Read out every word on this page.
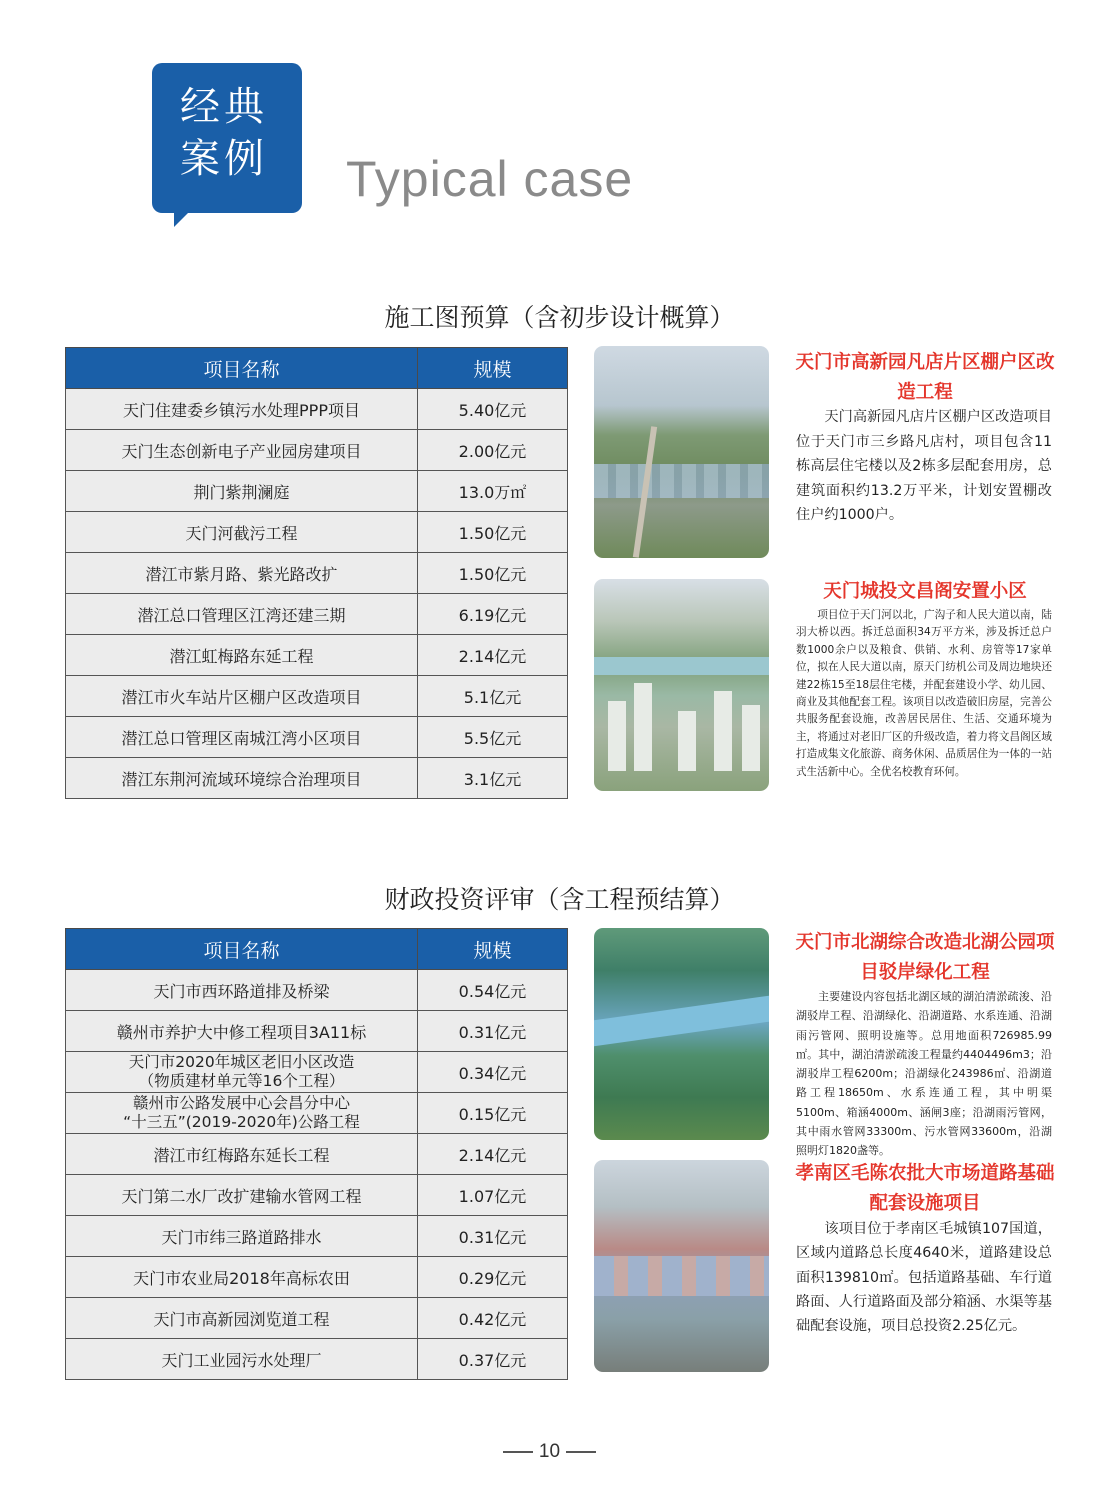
经典
案例 Typical case
施工图预算（含初步设计概算）
项目名称	规模
天门住建委乡镇污水处理PPP项目	5.40亿元
天门生态创新电子产业园房建项目	2.00亿元
荆门紫荆澜庭	13.0万㎡
天门河截污工程	1.50亿元
潜江市紫月路、紫光路改扩	1.50亿元
潜江总口管理区江湾还建三期	6.19亿元
潜江虹梅路东延工程	2.14亿元
潜江市火车站片区棚户区改造项目	5.1亿元
潜江总口管理区南城江湾小区项目	5.5亿元
潜江东荆河流域环境综合治理项目	3.1亿元
天门市高新园凡店片区棚户区改造工程
天门高新园凡店片区棚户区改造项目位于天门市三乡路凡店村，项目包含11栋高层住宅楼以及2栋多层配套用房，总建筑面积约13.2万平米，计划安置棚改住户约1000户。
天门城投文昌阁安置小区
项目位于天门河以北，广沟子和人民大道以南，陆羽大桥以西。拆迁总面积34万平方米，涉及拆迁总户数1000余户以及粮食、供销、水利、房管等17家单位，拟在人民大道以南，原天门纺机公司及周边地块还建22栋15至18层住宅楼，并配套建设小学、幼儿园、商业及其他配套工程。该项目以改造破旧房屋，完善公共服务配套设施，改善居民居住、生活、交通环境为主，将通过对老旧厂区的升级改造，着力将文昌阁区域打造成集文化旅游、商务休闲、品质居住为一体的一站式生活新中心。全优名校教育环何。
财政投资评审（含工程预结算）
项目名称	规模
天门市西环路道排及桥梁	0.54亿元
赣州市养护大中修工程项目3A11标	0.31亿元

天门市2020年城区老旧小区改造
（物质建材单元等16个工程）	0.34亿元

赣州市公路发展中心会昌分中心
“十三五”(2019-2020年)公路工程	0.15亿元
潜江市红梅路东延长工程	2.14亿元
天门第二水厂改扩建输水管网工程	1.07亿元
天门市纬三路道路排水	0.31亿元
天门市农业局2018年高标农田	0.29亿元
天门市高新园浏览道工程	0.42亿元
天门工业园污水处理厂	0.37亿元
天门市北湖综合改造北湖公园项目驳岸绿化工程
主要建设内容包括北湖区域的湖泊清淤疏浚、沿湖驳岸工程、沿湖绿化、沿湖道路、水系连通、沿湖雨污管网、照明设施等。总用地面积726985.99㎡。其中，湖泊清淤疏浚工程量约4404496m3；沿湖驳岸工程6200m；沿湖绿化243986㎡、沿湖道路工程18650m、水系连通工程，其中明渠5100m、箱涵4000m、涵闸3座；沿湖雨污管网，其中雨水管网33300m、污水管网33600m，沿湖照明灯1820盏等。
孝南区毛陈农批大市场道路基础配套设施项目
该项目位于孝南区毛城镇107国道，区域内道路总长度4640米，道路建设总面积139810㎡。包括道路基础、车行道路面、人行道路面及部分箱涵、水渠等基础配套设施，项目总投资2.25亿元。
10
